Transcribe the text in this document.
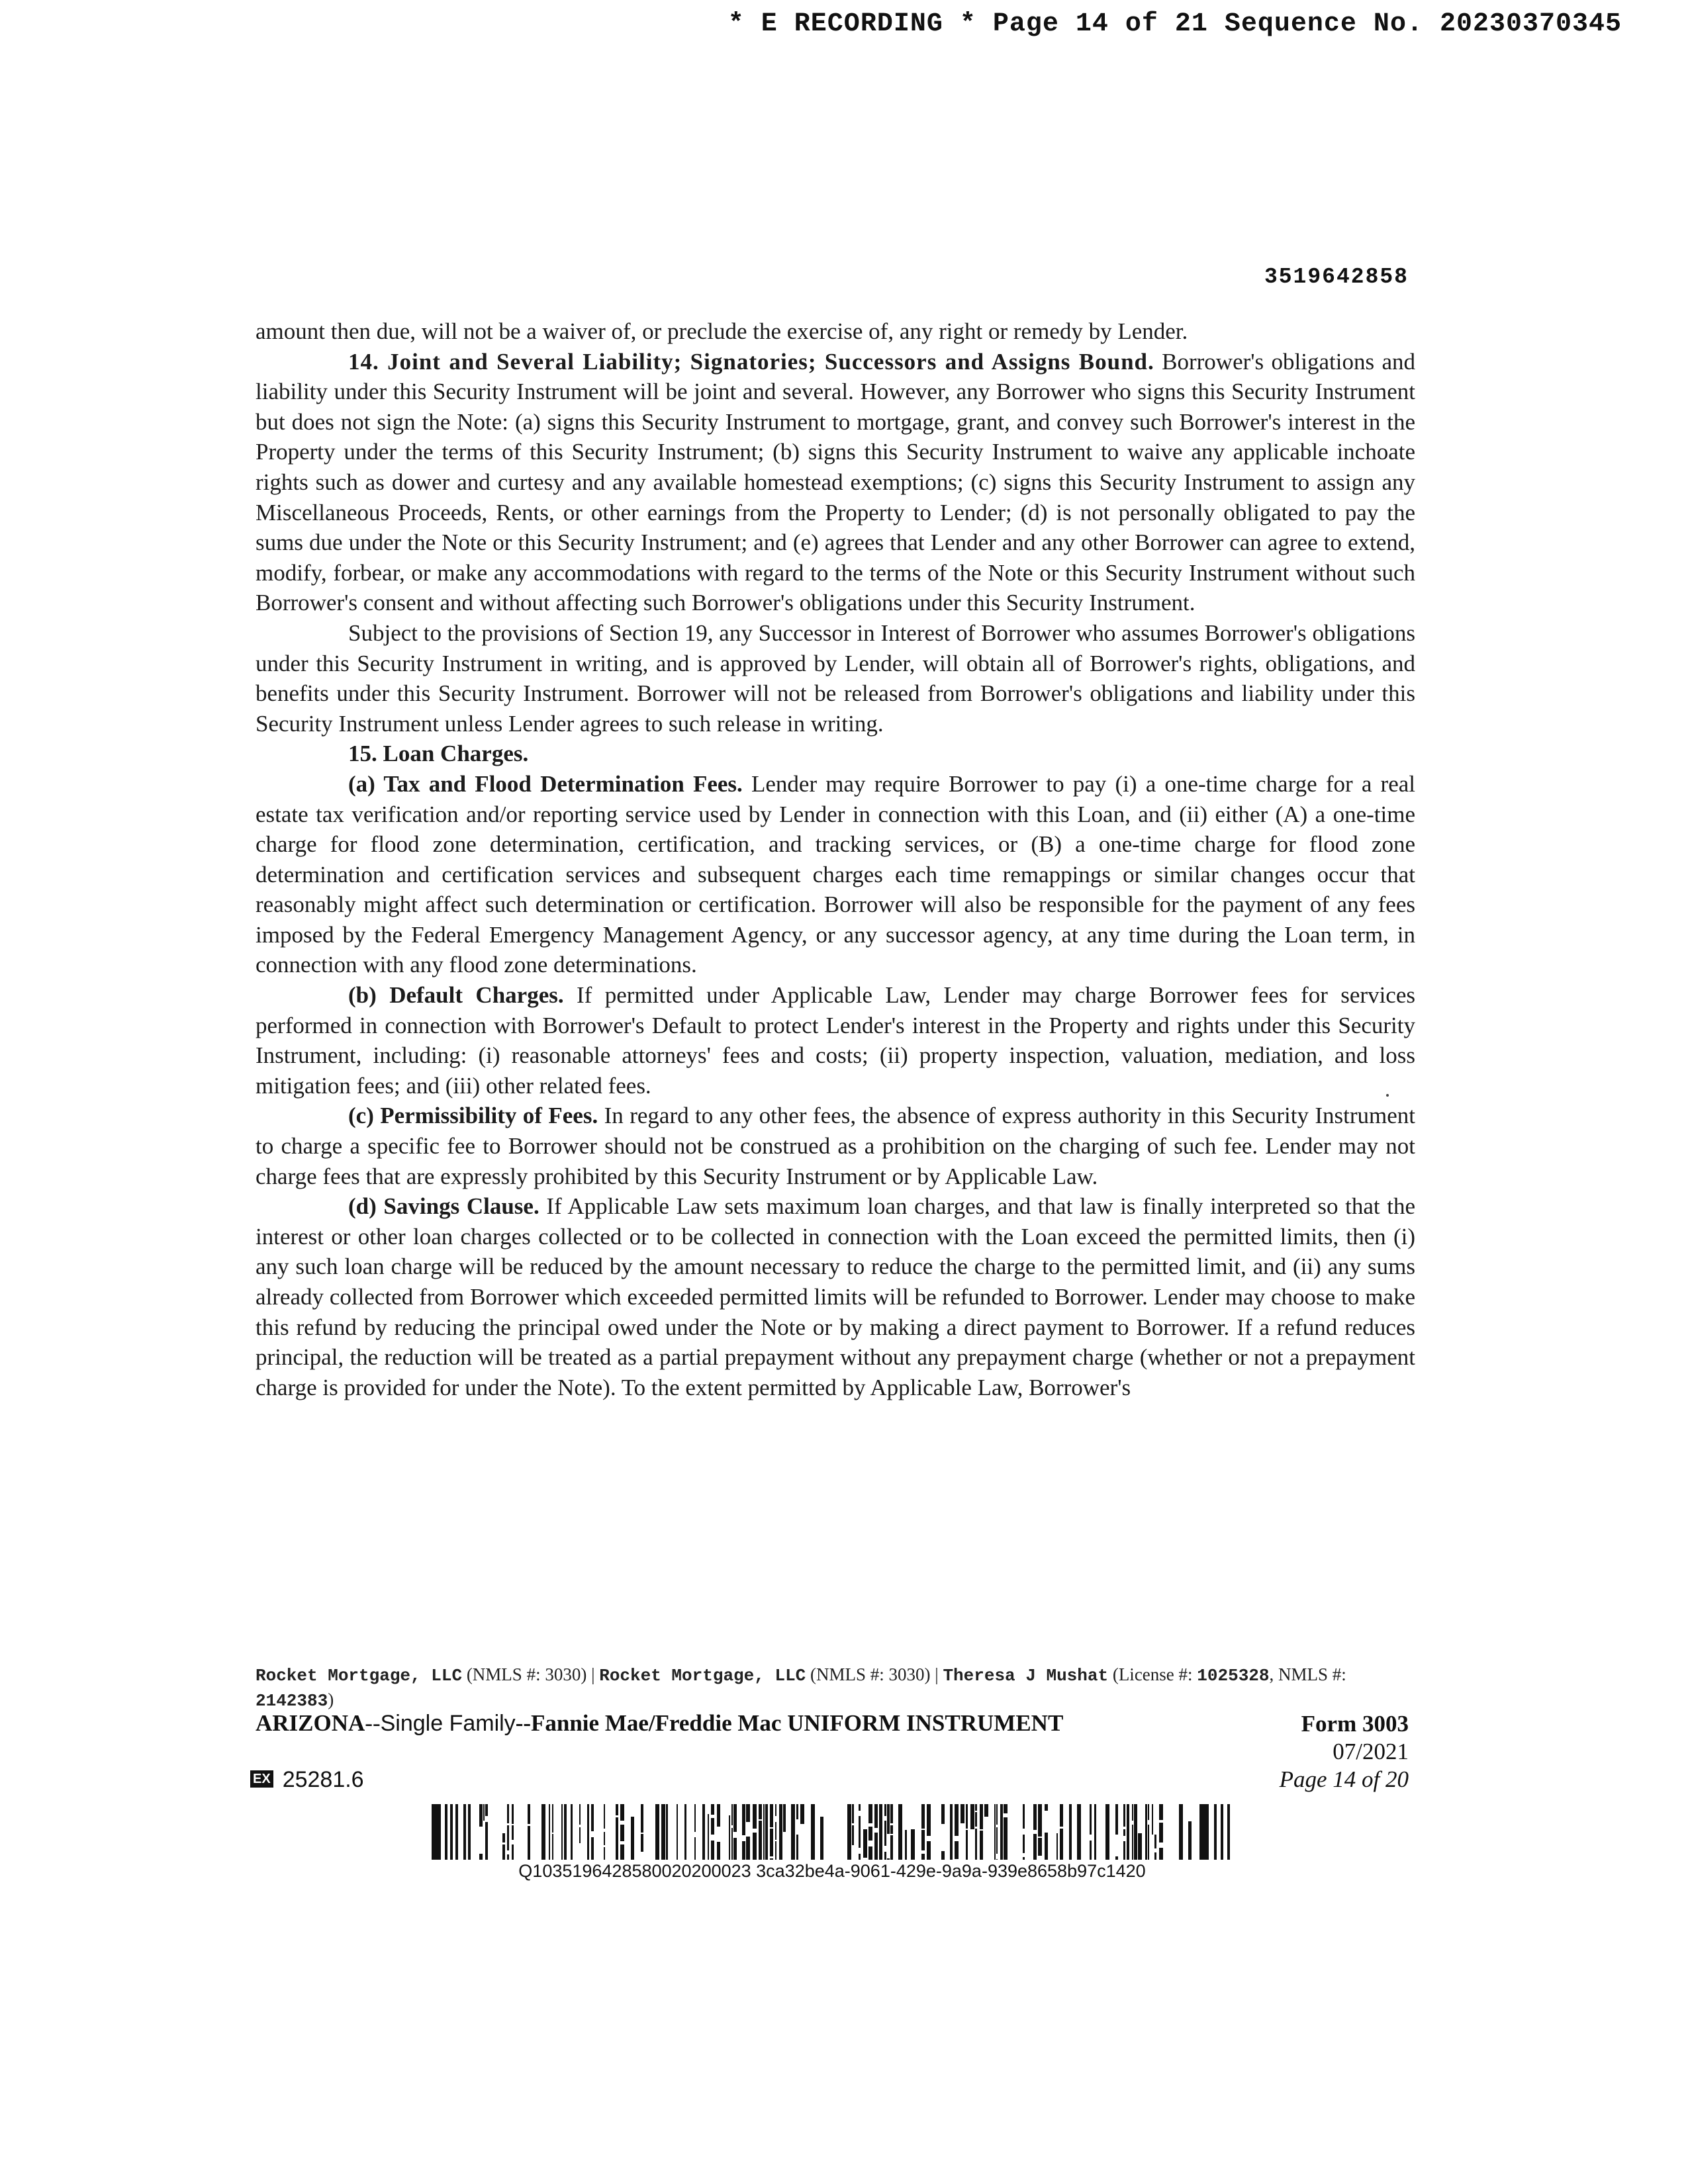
* E RECORDING * Page 14 of 21 Sequence No. 20230370345
3519642858

amount then due, will not be a waiver of, or preclude the exercise of, any right or remedy by Lender.

14. Joint and Several Liability; Signatories; Successors and Assigns Bound. Borrower's obligations and liability under this Security Instrument will be joint and several. However, any Borrower who signs this Security Instrument but does not sign the Note: (a) signs this Security Instrument to mortgage, grant, and convey such Borrower's interest in the Property under the terms of this Security Instrument; (b) signs this Security Instrument to waive any applicable inchoate rights such as dower and curtesy and any available homestead exemptions; (c) signs this Security Instrument to assign any Miscellaneous Proceeds, Rents, or other earnings from the Property to Lender; (d) is not personally obligated to pay the sums due under the Note or this Security Instrument; and (e) agrees that Lender and any other Borrower can agree to extend, modify, forbear, or make any accommodations with regard to the terms of the Note or this Security Instrument without such Borrower's consent and without affecting such Borrower's obligations under this Security Instrument.

Subject to the provisions of Section 19, any Successor in Interest of Borrower who assumes Borrower's obligations under this Security Instrument in writing, and is approved by Lender, will obtain all of Borrower's rights, obligations, and benefits under this Security Instrument. Borrower will not be released from Borrower's obligations and liability under this Security Instrument unless Lender agrees to such release in writing.

15. Loan Charges.

(a) Tax and Flood Determination Fees. Lender may require Borrower to pay (i) a one-time charge for a real estate tax verification and/or reporting service used by Lender in connection with this Loan, and (ii) either (A) a one-time charge for flood zone determination, certification, and tracking services, or (B) a one-time charge for flood zone determination and certification services and subsequent charges each time remappings or similar changes occur that reasonably might affect such determination or certification. Borrower will also be responsible for the payment of any fees imposed by the Federal Emergency Management Agency, or any successor agency, at any time during the Loan term, in connection with any flood zone determinations.

(b) Default Charges. If permitted under Applicable Law, Lender may charge Borrower fees for services performed in connection with Borrower's Default to protect Lender's interest in the Property and rights under this Security Instrument, including: (i) reasonable attorneys' fees and costs; (ii) property inspection, valuation, mediation, and loss mitigation fees; and (iii) other related fees.

(c) Permissibility of Fees. In regard to any other fees, the absence of express authority in this Security Instrument to charge a specific fee to Borrower should not be construed as a prohibition on the charging of such fee. Lender may not charge fees that are expressly prohibited by this Security Instrument or by Applicable Law.

(d) Savings Clause. If Applicable Law sets maximum loan charges, and that law is finally interpreted so that the interest or other loan charges collected or to be collected in connection with the Loan exceed the permitted limits, then (i) any such loan charge will be reduced by the amount necessary to reduce the charge to the permitted limit, and (ii) any sums already collected from Borrower which exceeded permitted limits will be refunded to Borrower. Lender may choose to make this refund by reducing the principal owed under the Note or by making a direct payment to Borrower. If a refund reduces principal, the reduction will be treated as a partial prepayment without any prepayment charge (whether or not a prepayment charge is provided for under the Note). To the extent permitted by Applicable Law, Borrower's

Rocket Mortgage, LLC (NMLS #: 3030) | Rocket Mortgage, LLC (NMLS #: 3030) | Theresa J Mushat (License #: 1025328, NMLS #: 2142383)
ARIZONA--Single Family--Fannie Mae/Freddie Mac UNIFORM INSTRUMENT	Form 3003
07/2021
Page 14 of 20
EX 25281.6
Q1035196428580020200023 3ca32be4a-9061-429e-9a9a-939e8658b97c1420
